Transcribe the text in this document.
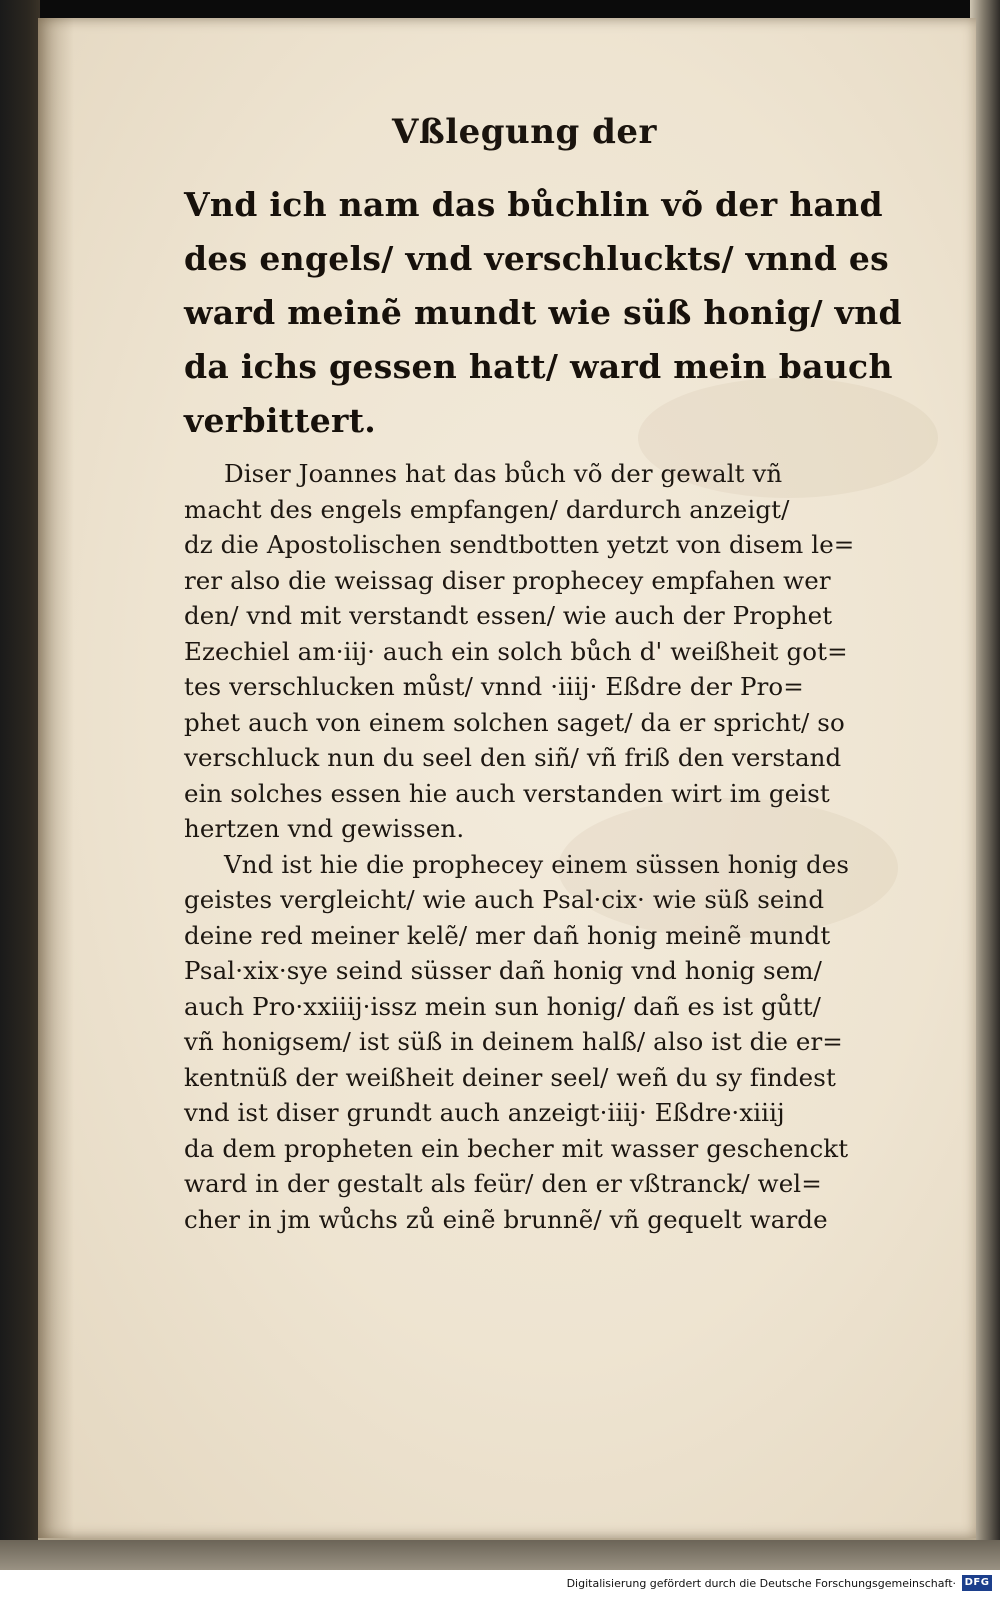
Vßlegung der
Vnd ich nam das bůchlin võ der hand
des engels/ vnd verschluckts/ vnnd es
ward meinẽ mundt wie süß honig/ vnd
da ichs gessen hatt/ ward mein bauch
verbittert.
Diser Joannes hat das bůch võ der gewalt vñ
macht des engels empfangen/ dardurch anzeigt/
dz die Apostolischen sendtbotten yetzt von disem le=
rer also die weissag diser prophecey empfahen wer
den/ vnd mit verstandt essen/ wie auch der Prophet
Ezechiel am·iij· auch ein solch bůch d' weißheit got=
tes verschlucken můst/ vnnd ·iiij· Eßdre der Pro=
phet auch von einem solchen saget/ da er spricht/ so
verschluck nun du seel den siñ/ vñ friß den verstand
ein solches essen hie auch verstanden wirt im geist
hertzen vnd gewissen.
Vnd ist hie die prophecey einem süssen honig des
geistes vergleicht/ wie auch Psal·cix· wie süß seind
deine red meiner kelẽ/ mer dañ honig meinẽ mundt
Psal·xix·sye seind süsser dañ honig vnd honig sem/
auch Pro·xxiiij·issz mein sun honig/ dañ es ist gůtt/
vñ honigsem/ ist süß in deinem halß/ also ist die er=
kentnüß der weißheit deiner seel/ weñ du sy findest
vnd ist diser grundt auch anzeigt·iiij· Eßdre·xiiij
da dem propheten ein becher mit wasser geschenckt
ward in der gestalt als feür/ den er vßtranck/ wel=
cher in jm wůchs zů einẽ brunnẽ/ vñ gequelt warde
Digitalisierung gefördert durch die Deutsche Forschungsgemeinschaft· DFG
